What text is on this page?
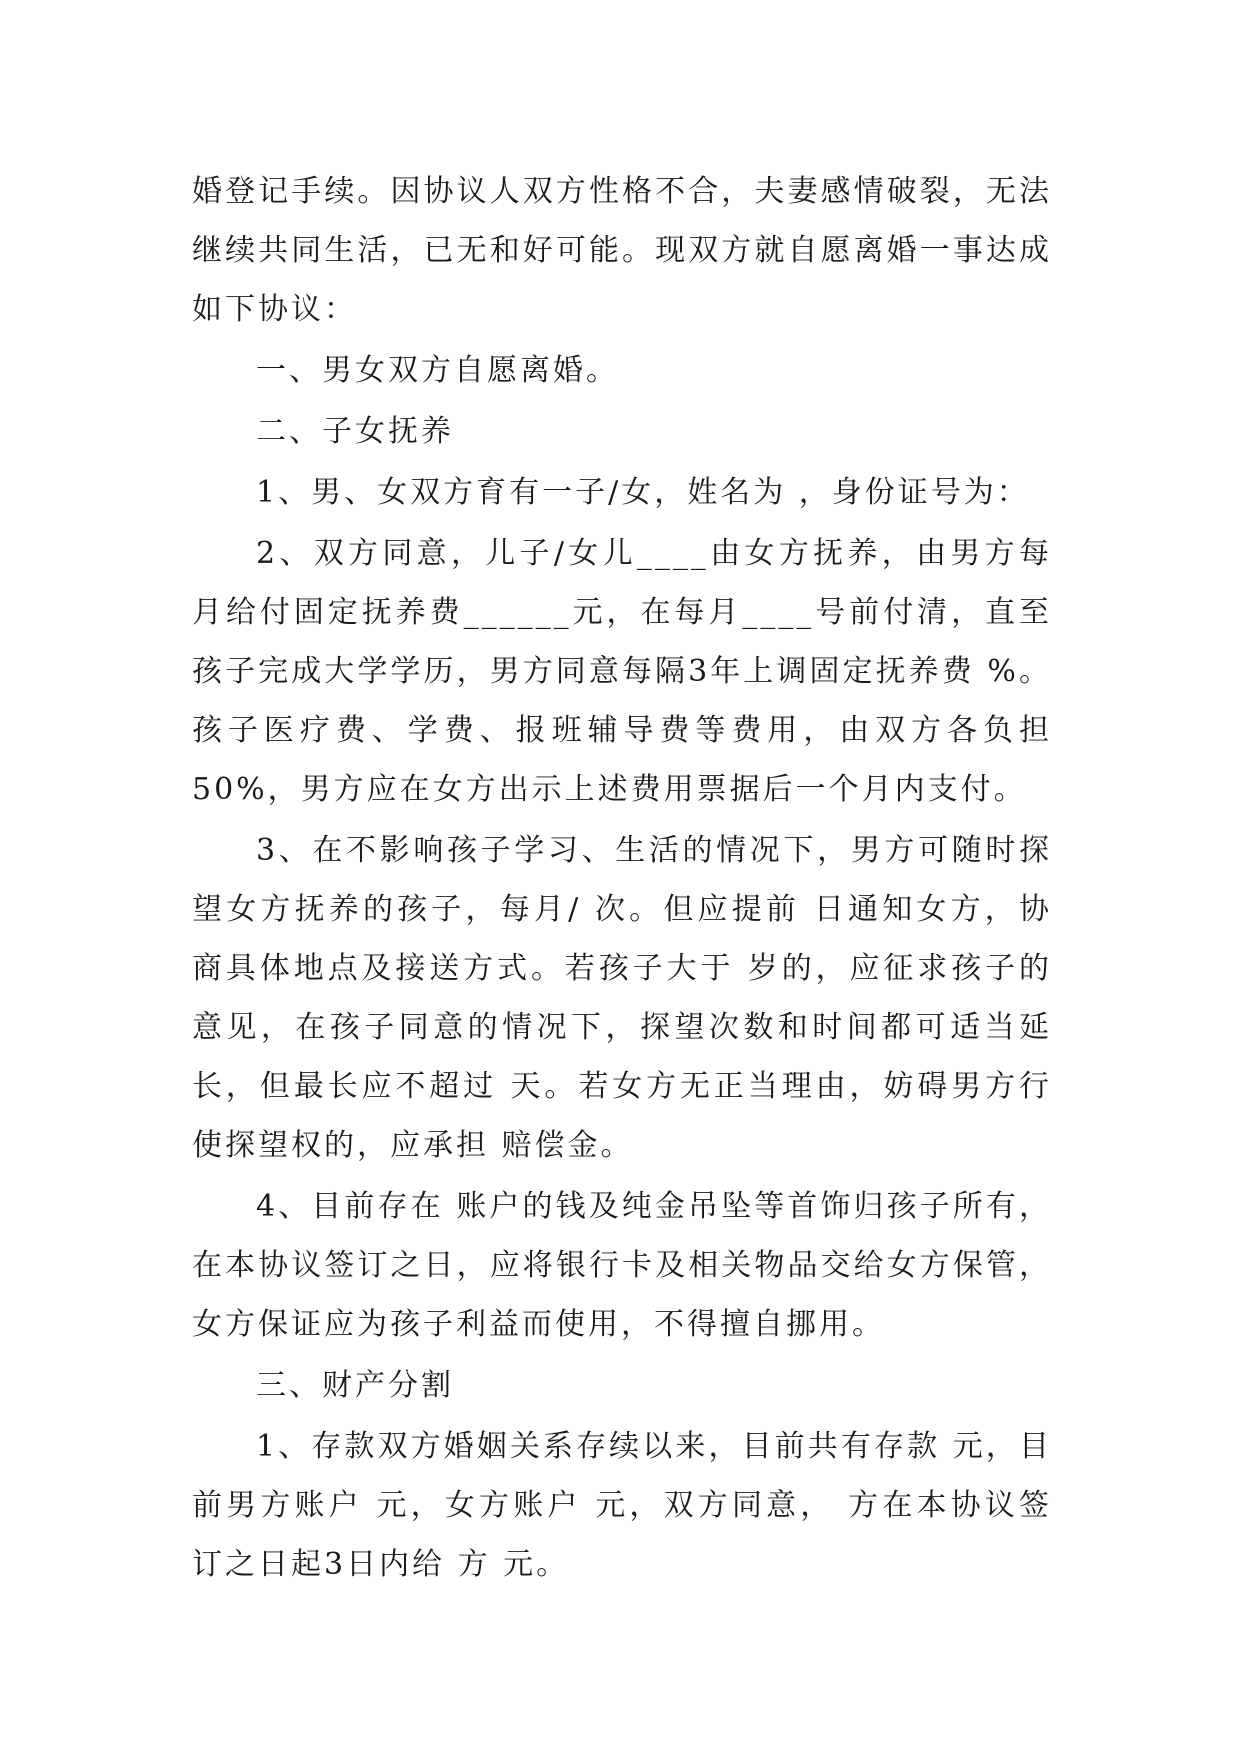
婚登记手续。因协议人双方性格不合，夫妻感情破裂，无法继续共同生活，已无和好可能。现双方就自愿离婚一事达成如下协议：

一、男女双方自愿离婚。

二、子女抚养

1、男、女双方育有一子/女，姓名为 ，身份证号为：

2、双方同意，儿子/女儿____由女方抚养，由男方每月给付固定抚养费______元，在每月____号前付清，直至孩子完成大学学历，男方同意每隔3年上调固定抚养费 %。孩子医疗费、学费、报班辅导费等费用，由双方各负担50%，男方应在女方出示上述费用票据后一个月内支付。

3、在不影响孩子学习、生活的情况下，男方可随时探望女方抚养的孩子，每月/ 次。但应提前 日通知女方，协商具体地点及接送方式。若孩子大于 岁的，应征求孩子的意见，在孩子同意的情况下，探望次数和时间都可适当延长，但最长应不超过 天。若女方无正当理由，妨碍男方行使探望权的，应承担 赔偿金。

4、目前存在 账户的钱及纯金吊坠等首饰归孩子所有，在本协议签订之日，应将银行卡及相关物品交给女方保管，女方保证应为孩子利益而使用，不得擅自挪用。

三、财产分割

1、存款双方婚姻关系存续以来，目前共有存款 元，目前男方账户 元，女方账户 元，双方同意， 方在本协议签订之日起3日内给 方 元。
